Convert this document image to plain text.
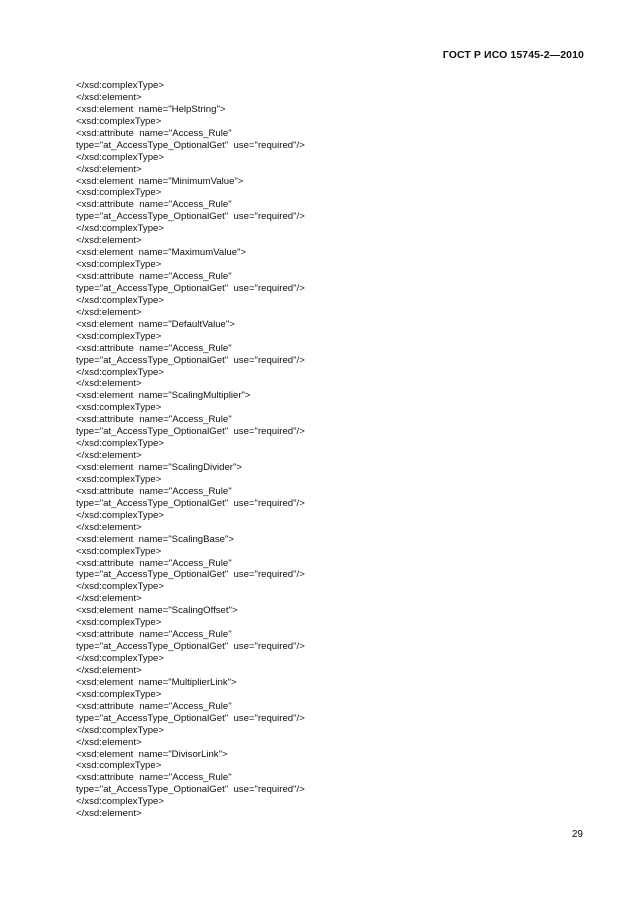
ГОСТ Р ИСО 15745-2—2010
</xsd:complexType>
</xsd:element>
<xsd:element  name="HelpString">
<xsd:complexType>
<xsd:attribute  name="Access_Rule"
type="at_AccessType_OptionalGet"  use="required"/>
</xsd:complexType>
</xsd:element>
<xsd:element  name="MinimumValue">
<xsd:complexType>
<xsd:attribute  name="Access_Rule"
type="at_AccessType_OptionalGet"  use="required"/>
</xsd:complexType>
</xsd:element>
<xsd:element  name="MaximumValue">
<xsd:complexType>
<xsd:attribute  name="Access_Rule"
type="at_AccessType_OptionalGet"  use="required"/>
</xsd:complexType>
</xsd:element>
<xsd:element  name="DefaultValue">
<xsd:complexType>
<xsd:attribute  name="Access_Rule"
type="at_AccessType_OptionalGet"  use="required"/>
</xsd:complexType>
</xsd:element>
<xsd:element  name="ScalingMultiplier">
<xsd:complexType>
<xsd:attribute  name="Access_Rule"
type="at_AccessType_OptionalGet"  use="required"/>
</xsd:complexType>
</xsd:element>
<xsd:element  name="ScalingDivider">
<xsd:complexType>
<xsd:attribute  name="Access_Rule"
type="at_AccessType_OptionalGet"  use="required"/>
</xsd:complexType>
</xsd:element>
<xsd:element  name="ScalingBase">
<xsd:complexType>
<xsd:attribute  name="Access_Rule"
type="at_AccessType_OptionalGet"  use="required"/>
</xsd:complexType>
</xsd:element>
<xsd:element  name="ScalingOffset">
<xsd:complexType>
<xsd:attribute  name="Access_Rule"
type="at_AccessType_OptionalGet"  use="required"/>
</xsd:complexType>
</xsd:element>
<xsd:element  name="MultiplierLink">
<xsd:complexType>
<xsd:attribute  name="Access_Rule"
type="at_AccessType_OptionalGet"  use="required"/>
</xsd:complexType>
</xsd:element>
<xsd:element  name="DivisorLink">
<xsd:complexType>
<xsd:attribute  name="Access_Rule"
type="at_AccessType_OptionalGet"  use="required"/>
</xsd:complexType>
</xsd:element>
29
